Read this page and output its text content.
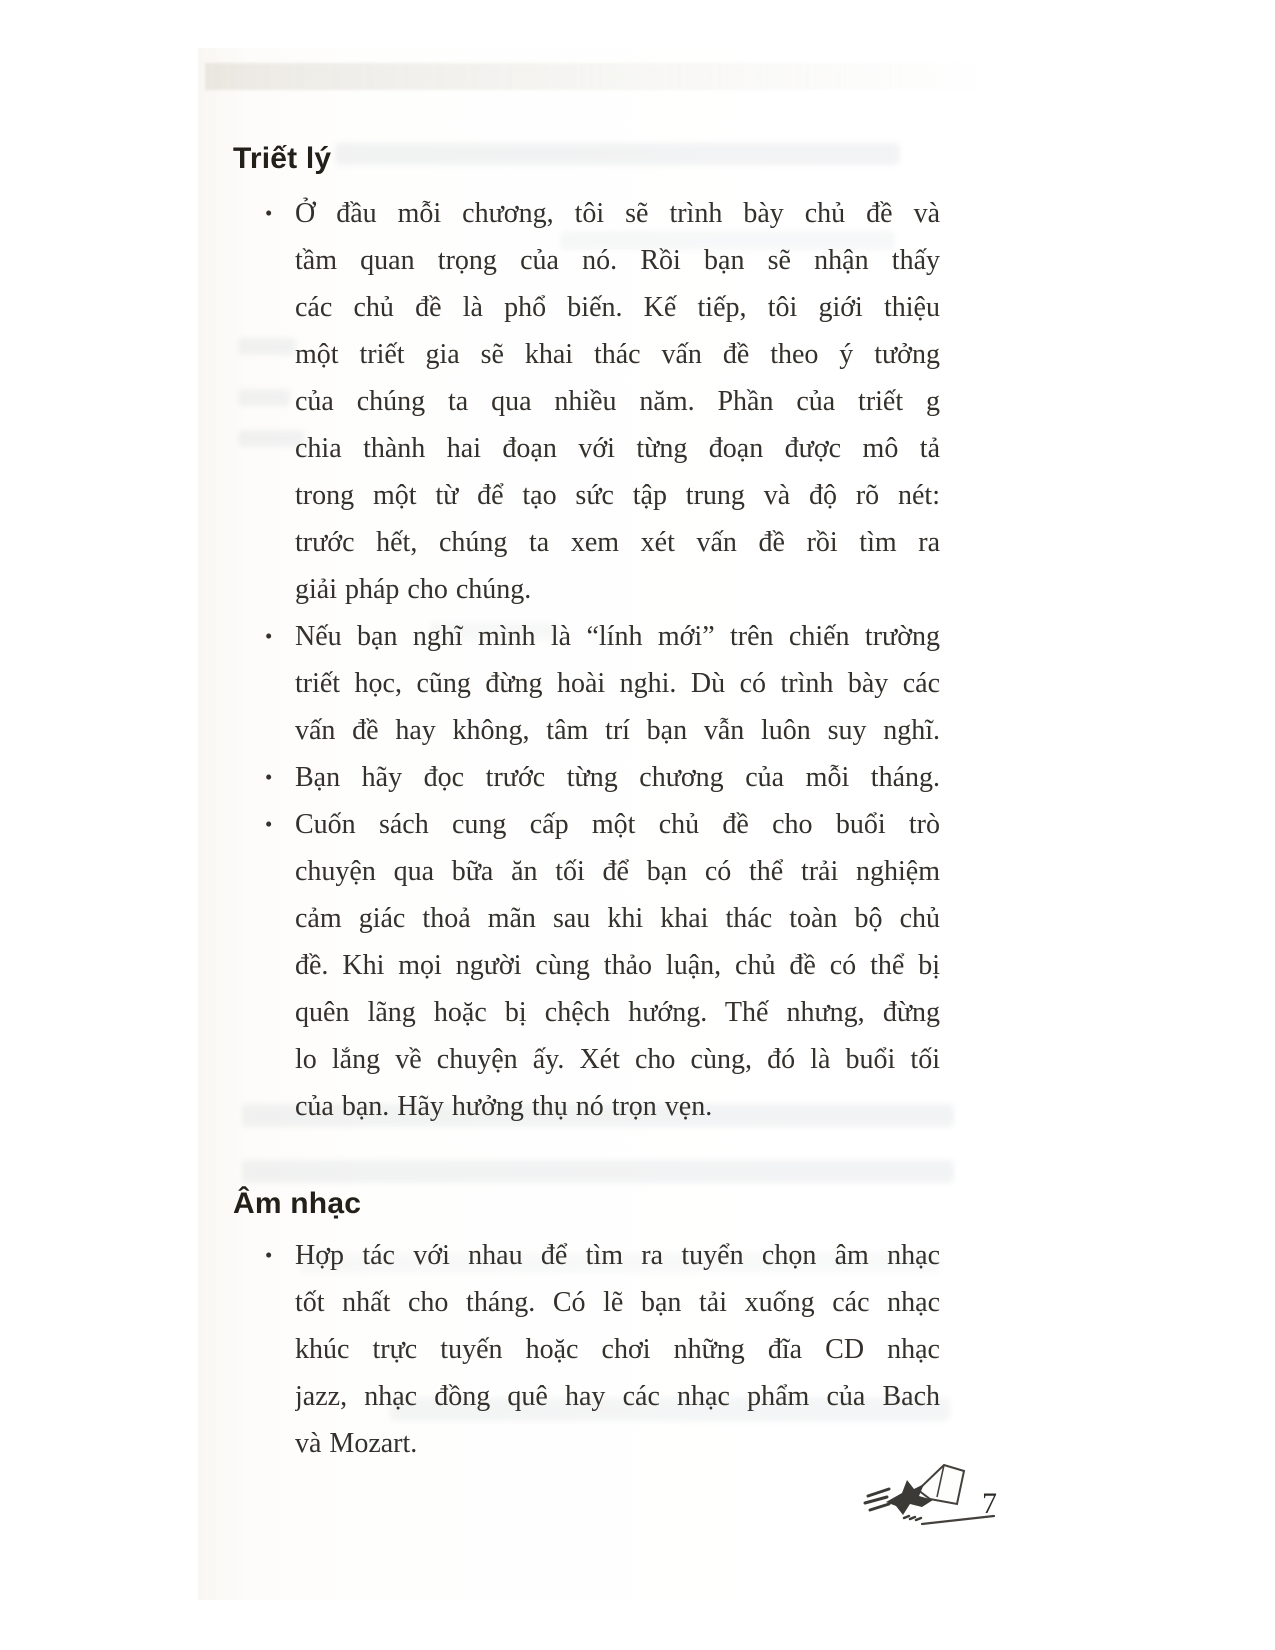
Triết lý
• Ở đầu mỗi chương, tôi sẽ trình bày chủ đề và
tầm quan trọng của nó. Rồi bạn sẽ nhận thấy
các chủ đề là phổ biến. Kế tiếp, tôi giới thiệu
một triết gia sẽ khai thác vấn đề theo ý tưởng
của chúng ta qua nhiều năm. Phần của triết g
chia thành hai đoạn với từng đoạn được mô tả
trong một từ để tạo sức tập trung và độ rõ nét:
trước hết, chúng ta xem xét vấn đề rồi tìm ra
giải pháp cho chúng.
• Nếu bạn nghĩ mình là “lính mới” trên chiến trường
triết học, cũng đừng hoài nghi. Dù có trình bày các
vấn đề hay không, tâm trí bạn vẫn luôn suy nghĩ.
• Bạn hãy đọc trước từng chương của mỗi tháng.
• Cuốn sách cung cấp một chủ đề cho buổi trò
chuyện qua bữa ăn tối để bạn có thể trải nghiệm
cảm giác thoả mãn sau khi khai thác toàn bộ chủ
đề. Khi mọi người cùng thảo luận, chủ đề có thể bị
quên lãng hoặc bị chệch hướng. Thế nhưng, đừng
lo lắng về chuyện ấy. Xét cho cùng, đó là buổi tối
của bạn. Hãy hưởng thụ nó trọn vẹn.
Âm nhạc
• Hợp tác với nhau để tìm ra tuyển chọn âm nhạc
tốt nhất cho tháng. Có lẽ bạn tải xuống các nhạc
khúc trực tuyến hoặc chơi những đĩa CD nhạc
jazz, nhạc đồng quê hay các nhạc phẩm của Bach
và Mozart.
7
